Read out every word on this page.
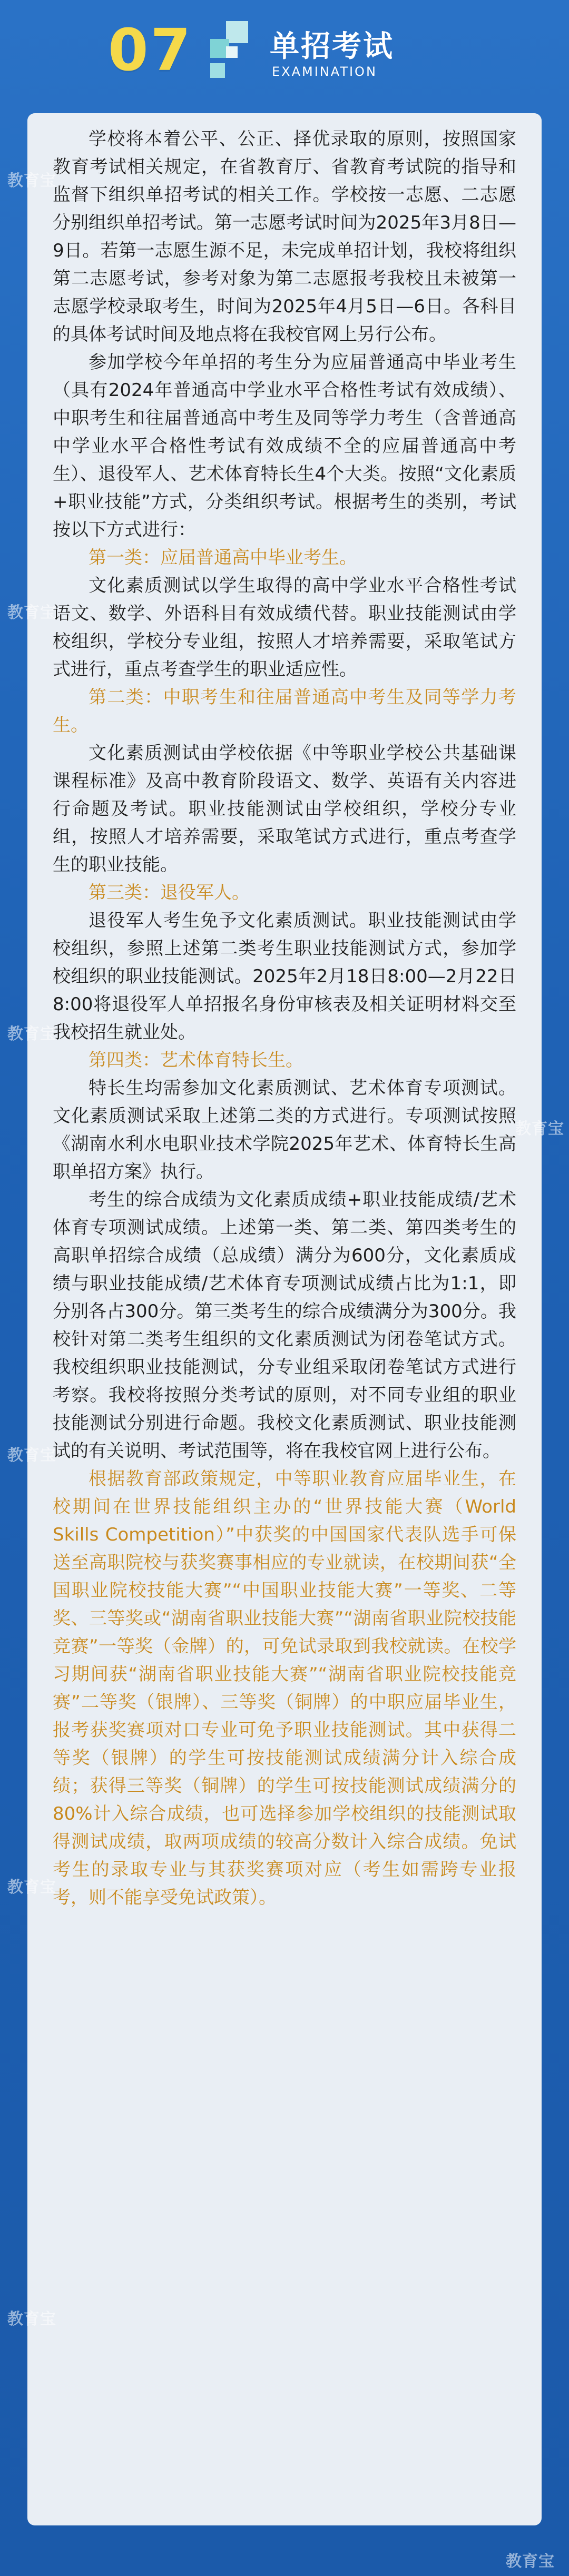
07	单招考试
EXAMINATION

学校将本着公平、公正、择优录取的原则，按照国家教育考试相关规定，在省教育厅、省教育考试院的指导和监督下组织单招考试的相关工作。学校按一志愿、二志愿分别组织单招考试。第一志愿考试时间为2025年3月8日—9日。若第一志愿生源不足，未完成单招计划，我校将组织第二志愿考试，参考对象为第二志愿报考我校且未被第一志愿学校录取考生，时间为2025年4月5日—6日。各科目的具体考试时间及地点将在我校官网上另行公布。

参加学校今年单招的考生分为应届普通高中毕业考生（具有2024年普通高中学业水平合格性考试有效成绩）、中职考生和往届普通高中考生及同等学力考生（含普通高中学业水平合格性考试有效成绩不全的应届普通高中考生）、退役军人、艺术体育特长生4个大类。按照“文化素质+职业技能”方式，分类组织考试。根据考生的类别，考试按以下方式进行：

第一类：应届普通高中毕业考生。

文化素质测试以学生取得的高中学业水平合格性考试语文、数学、外语科目有效成绩代替。职业技能测试由学校组织，学校分专业组，按照人才培养需要，采取笔试方式进行，重点考查学生的职业适应性。

第二类：中职考生和往届普通高中考生及同等学力考生。

文化素质测试由学校依据《中等职业学校公共基础课课程标准》及高中教育阶段语文、数学、英语有关内容进行命题及考试。职业技能测试由学校组织，学校分专业组，按照人才培养需要，采取笔试方式进行，重点考查学生的职业技能。

第三类：退役军人。

退役军人考生免予文化素质测试。职业技能测试由学校组织，参照上述第二类考生职业技能测试方式，参加学校组织的职业技能测试。2025年2月18日8:00—2月22日8:00将退役军人单招报名身份审核表及相关证明材料交至我校招生就业处。

第四类：艺术体育特长生。

特长生均需参加文化素质测试、艺术体育专项测试。文化素质测试采取上述第二类的方式进行。专项测试按照《湖南水利水电职业技术学院2025年艺术、体育特长生高职单招方案》执行。

考生的综合成绩为文化素质成绩+职业技能成绩/艺术体育专项测试成绩。上述第一类、第二类、第四类考生的高职单招综合成绩（总成绩）满分为600分，文化素质成绩与职业技能成绩/艺术体育专项测试成绩占比为1:1，即分别各占300分。第三类考生的综合成绩满分为300分。我校针对第二类考生组织的文化素质测试为闭卷笔试方式。我校组织职业技能测试，分专业组采取闭卷笔试方式进行考察。我校将按照分类考试的原则，对不同专业组的职业技能测试分别进行命题。我校文化素质测试、职业技能测试的有关说明、考试范围等，将在我校官网上进行公布。

根据教育部政策规定，中等职业教育应届毕业生，在校期间在世界技能组织主办的“世界技能大赛（World Skills Competition）”中获奖的中国国家代表队选手可保送至高职院校与获奖赛事相应的专业就读，在校期间获“全国职业院校技能大赛”“中国职业技能大赛”一等奖、二等奖、三等奖或“湖南省职业技能大赛”“湖南省职业院校技能竞赛”一等奖（金牌）的，可免试录取到我校就读。在校学习期间获“湖南省职业技能大赛”“湖南省职业院校技能竞赛”二等奖（银牌）、三等奖（铜牌）的中职应届毕业生，报考获奖赛项对口专业可免予职业技能测试。其中获得二等奖（银牌）的学生可按技能测试成绩满分计入综合成绩；获得三等奖（铜牌）的学生可按技能测试成绩满分的80%计入综合成绩，也可选择参加学校组织的技能测试取得测试成绩，取两项成绩的较高分数计入综合成绩。免试考生的录取专业与其获奖赛项对应（考生如需跨专业报考，则不能享受免试政策）。

教育宝
教育宝
教育宝
教育宝
教育宝
教育宝
教育宝
教育宝
